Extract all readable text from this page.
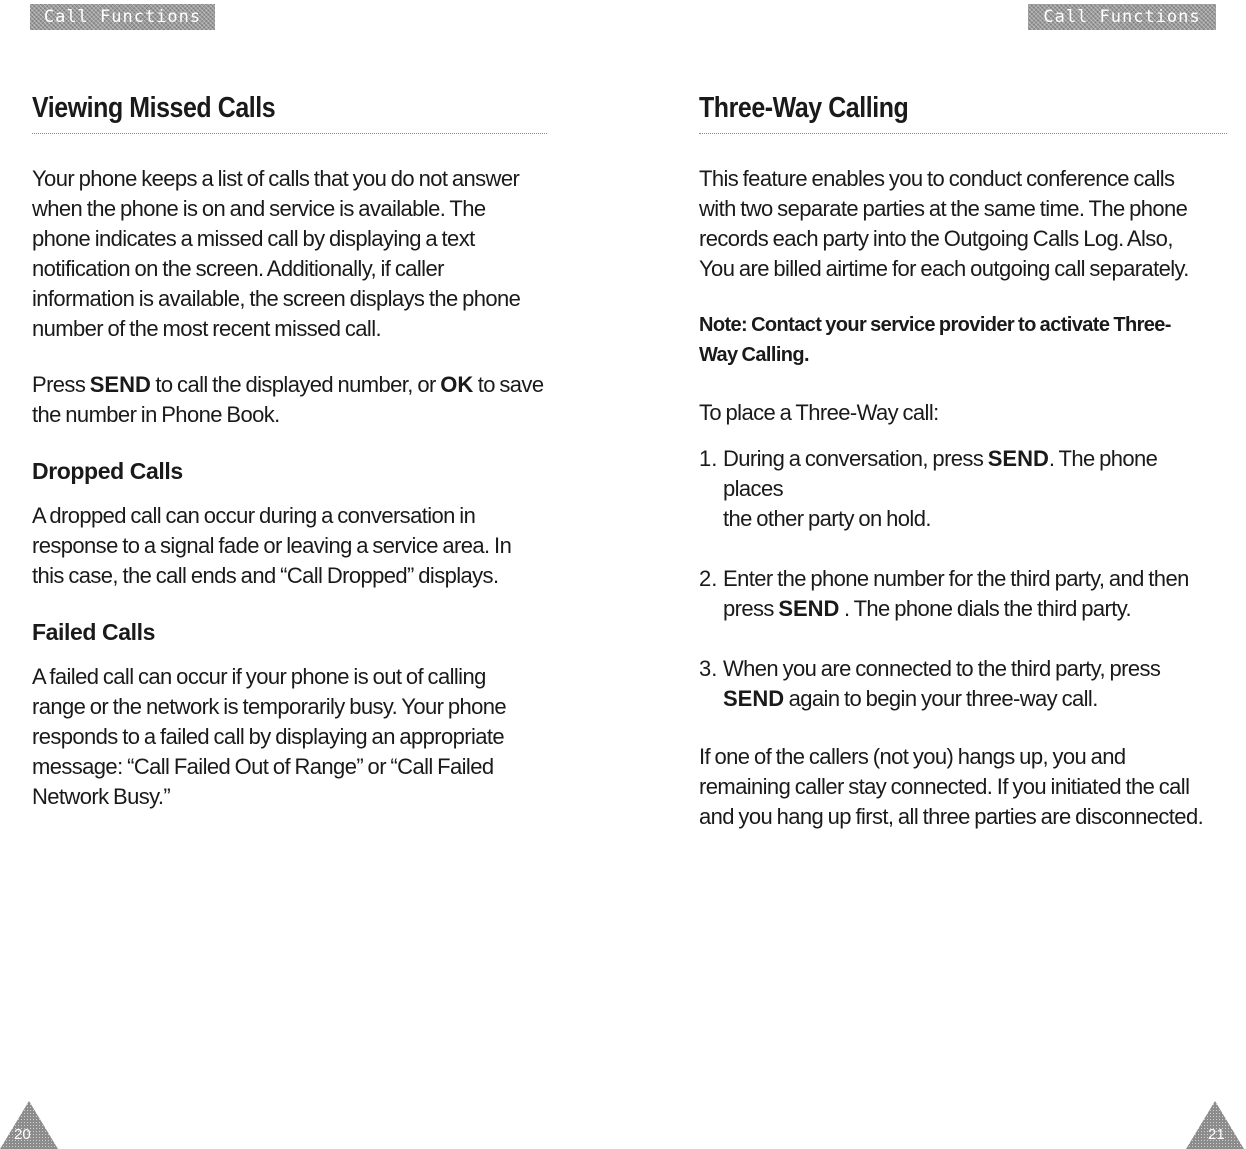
Call Functions	Call Functions
Viewing Missed Calls

Your phone keeps a list of calls that you do not answer

when the phone is on and service is available. The

phone indicates a missed call by displaying a text

notification on the screen. Additionally, if caller

information is available, the screen displays the phone

number of the most recent missed call.

Press SEND to call the displayed number, or OK to save

the number in Phone Book.

Dropped Calls

A dropped call can occur during a conversation in

response to a signal fade or leaving a service area. In

this case, the call ends and “Call Dropped” displays.

Failed Calls

A failed call can occur if your phone is out of calling

range or the network is temporarily busy. Your phone

responds to a failed call by displaying an appropriate

message: “Call Failed Out of Range” or “Call Failed

Network Busy.”

Three-Way Calling

This feature enables you to conduct conference calls

with two separate parties at the same time. The phone

records each party into the Outgoing Calls Log. Also,

You are billed airtime for each outgoing call separately.

Note: Contact your service provider to activate Three-

Way Calling.

To place a Three-Way call:

1. During a conversation, press SEND. The phone places

the other party on hold.

2. Enter the phone number for the third party, and then

press SEND . The phone dials the third party.

3. When you are connected to the third party, press

SEND again to begin your three-way call.

If one of the callers (not you) hangs up, you and

remaining caller stay connected. If you initiated the call

and you hang up first, all three parties are disconnected.

20	21
